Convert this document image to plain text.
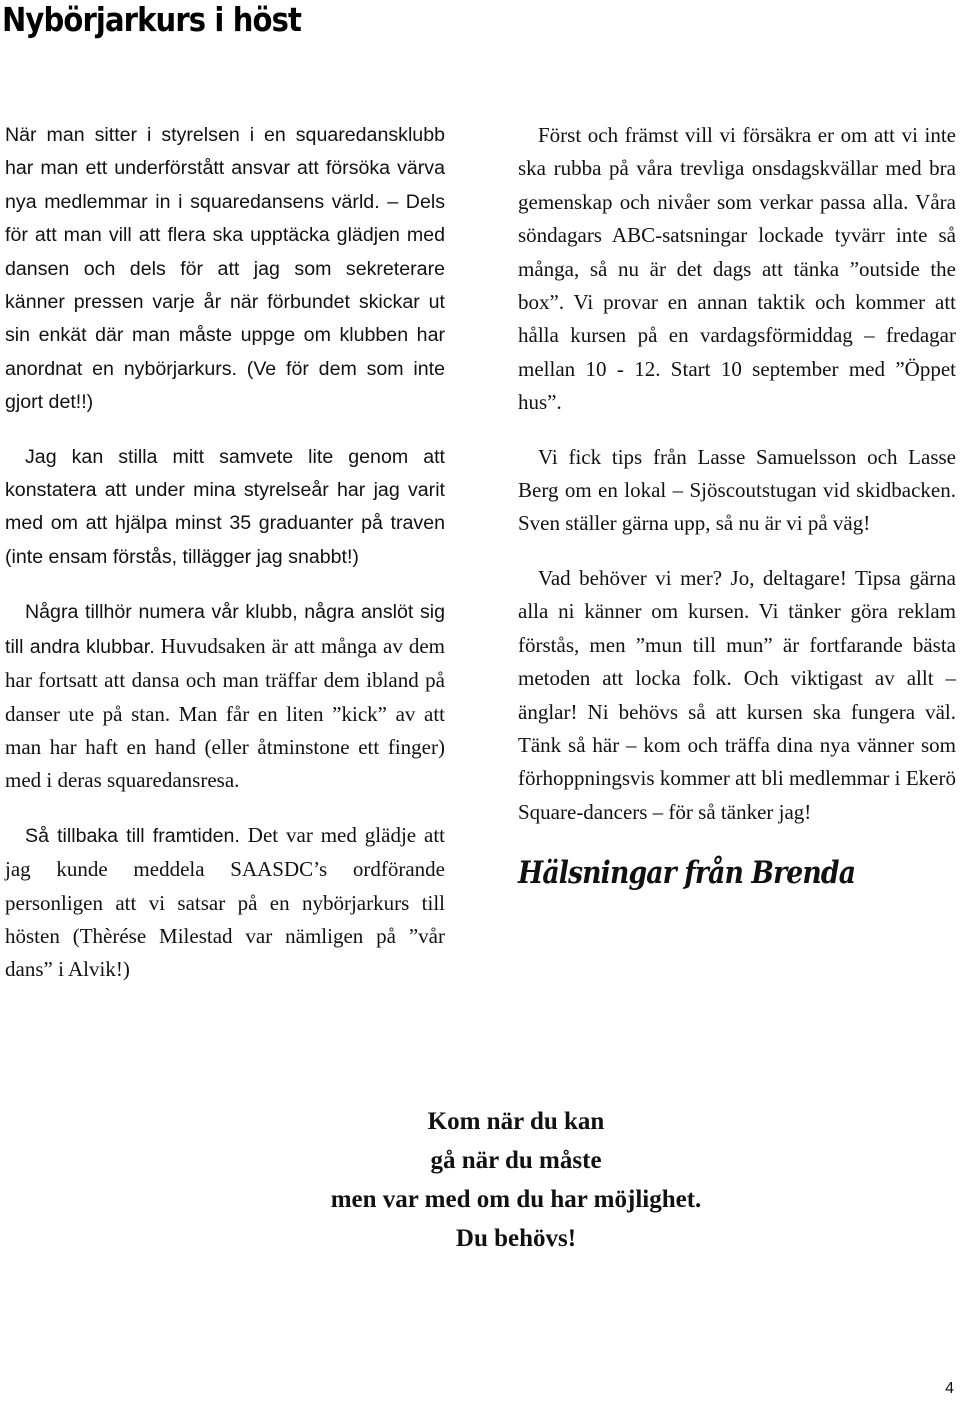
Nybörjarkurs i höst

När man sitter i styrelsen i en squaredansklubb har man ett underförstått ansvar att försöka värva nya medlemmar in i squaredansens värld. – Dels för att man vill att flera ska upptäcka glädjen med dansen och dels för att jag som sekreterare känner pressen varje år när förbundet skickar ut sin enkät där man måste uppge om klubben har anordnat en nybörjarkurs. (Ve för dem som inte gjort det!!)

Jag kan stilla mitt samvete lite genom att konstatera att under mina styrelseår har jag varit med om att hjälpa minst 35 graduanter på traven (inte ensam förstås, tillägger jag snabbt!)

Några tillhör numera vår klubb, några anslöt sig till andra klubbar. Huvudsaken är att många av dem har fortsatt att dansa och man träffar dem ibland på danser ute på stan. Man får en liten ”kick” av att man har haft en hand (eller åtminstone ett finger) med i deras squaredansresa.

Så tillbaka till framtiden. Det var med glädje att jag kunde meddela SAASDC’s ordförande personligen att vi satsar på en nybörjarkurs till hösten (Thèrése Milestad var nämligen på ”vår dans” i Alvik!)

Först och främst vill vi försäkra er om att vi inte ska rubba på våra trevliga onsdagskvällar med bra gemenskap och nivåer som verkar passa alla. Våra söndagars ABC-satsningar lockade tyvärr inte så många, så nu är det dags att tänka ”outside the box”. Vi provar en annan taktik och kommer att hålla kursen på en vardagsförmiddag – fredagar mellan 10 - 12. Start 10 september med ”Öppet hus”.

Vi fick tips från Lasse Samuelsson och Lasse Berg om en lokal – Sjöscoutstugan vid skidbacken. Sven ställer gärna upp, så nu är vi på väg!

Vad behöver vi mer? Jo, deltagare! Tipsa gärna alla ni känner om kursen. Vi tänker göra reklam förstås, men ”mun till mun” är fortfarande bästa metoden att locka folk. Och viktigast av allt – änglar! Ni behövs så att kursen ska fungera väl. Tänk så här – kom och träffa dina nya vänner som förhoppningsvis kommer att bli medlemmar i Ekerö Square-dancers – för så tänker jag!

Hälsningar från Brenda
Kom när du kan
gå när du måste
men var med om du har möjlighet.
Du behövs!
4
